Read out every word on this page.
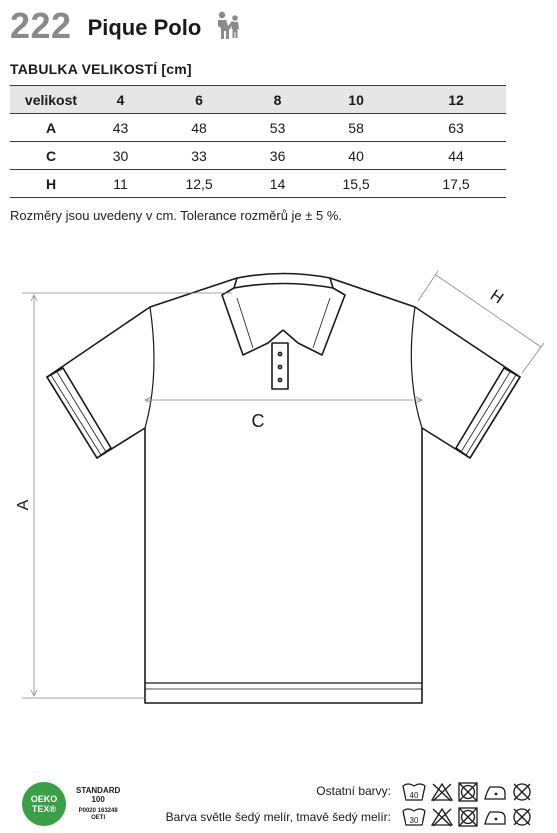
222 Pique Polo
TABULKA VELIKOSTÍ [cm]
velikost	4	6	8	10	12
A	43	48	53	58	63
C	30	33	36	40	44
H	11	12,5	14	15,5	17,5
Rozměry jsou uvedeny v cm. Tolerance rozměrů je ± 5 %.
A
C
H
OEKO
TEX®
STANDARD
100
P0020 163248
OETI
Ostatní barvy:
Barva světle šedý melír, tmavě šedý melír:
40
30
